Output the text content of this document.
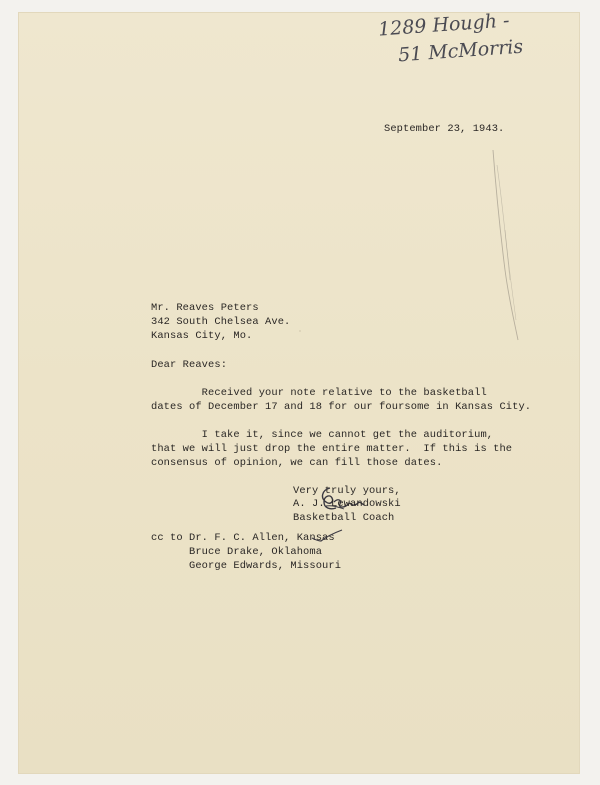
1289 Hough -
51 McMorris
September 23, 1943.
Mr. Reaves Peters
342 South Chelsea Ave.
Kansas City, Mo.
Dear Reaves:
Received your note relative to the basketball
dates of December 17 and 18 for our foursome in Kansas City.
I take it, since we cannot get the auditorium,
that we will just drop the entire matter.  If this is the
consensus of opinion, we can fill those dates.
Very truly yours,
A. J. Lewandowski
Basketball Coach
cc to Dr. F. C. Allen, Kansas
Bruce Drake, Oklahoma
George Edwards, Missouri
